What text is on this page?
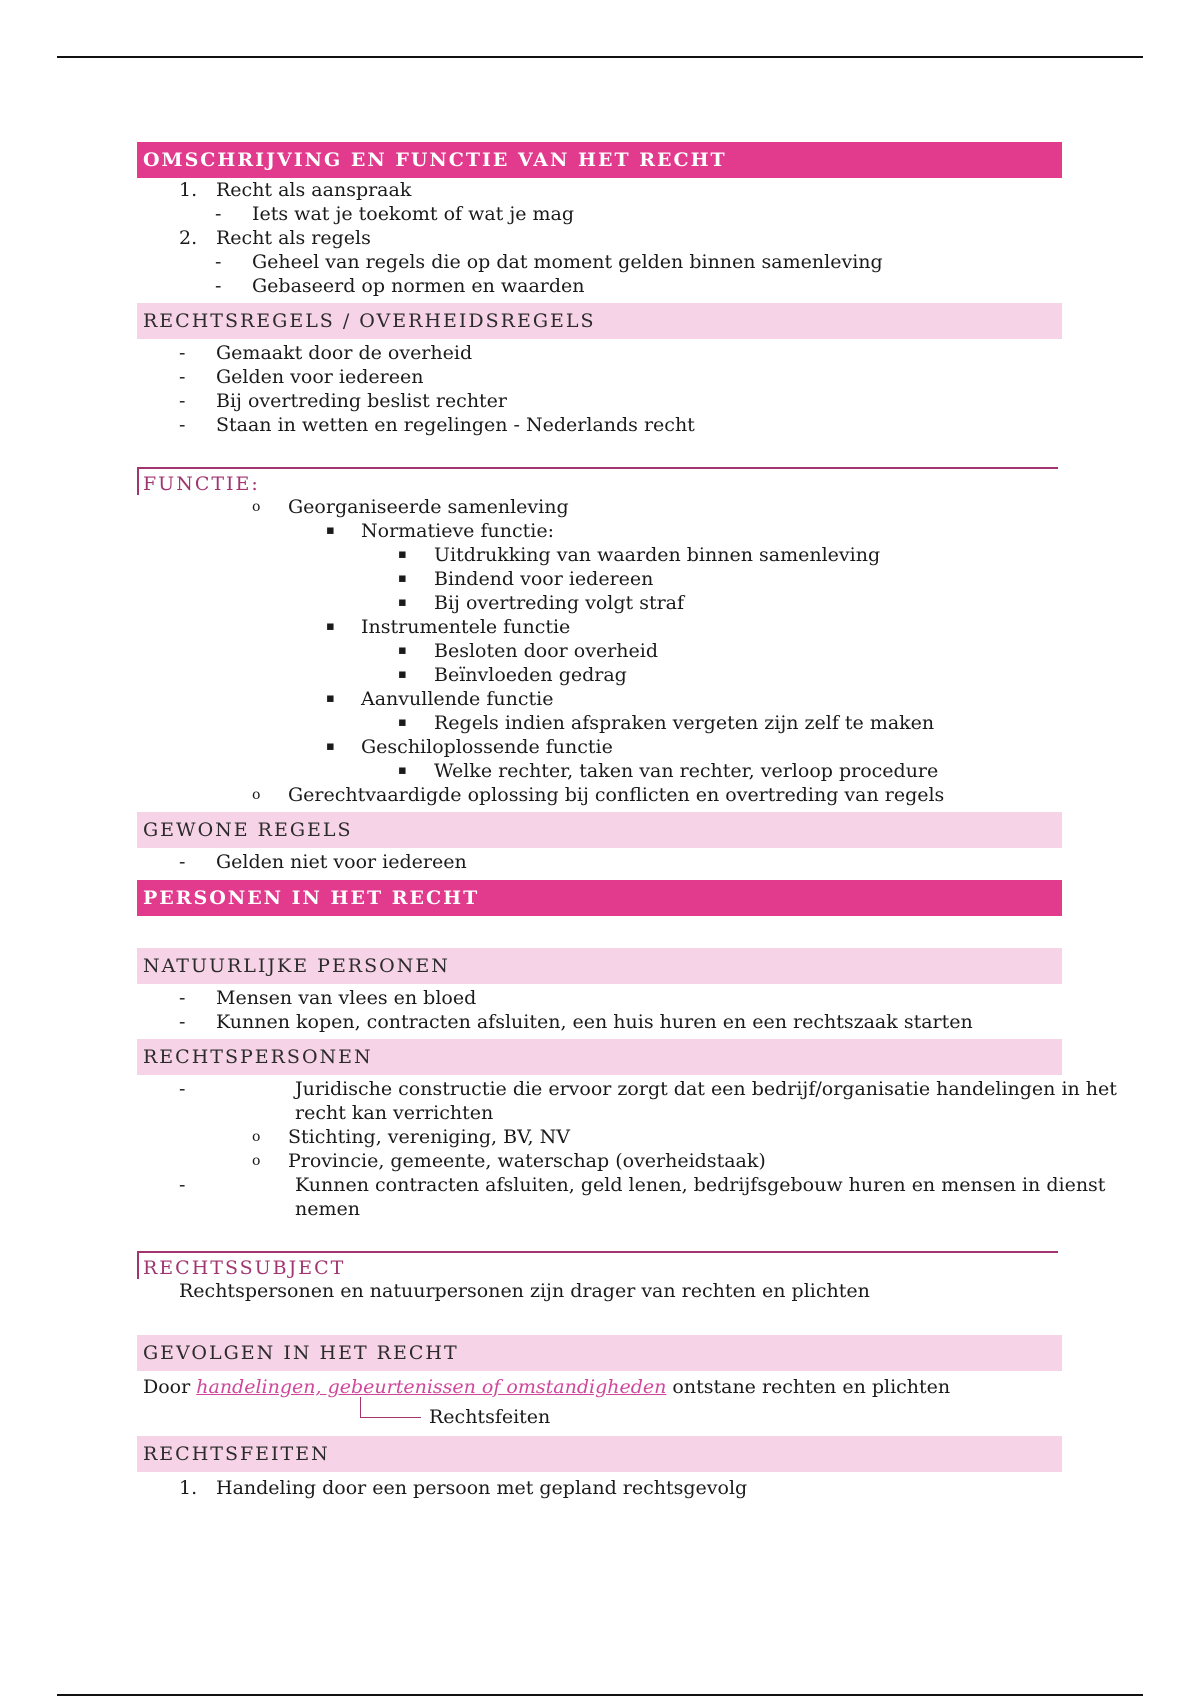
OMSCHRIJVING EN FUNCTIE VAN HET RECHT
1. Recht als aanspraak
- Iets wat je toekomt of wat je mag
2. Recht als regels
- Geheel van regels die op dat moment gelden binnen samenleving
- Gebaseerd op normen en waarden
RECHTSREGELS / OVERHEIDSREGELS
- Gemaakt door de overheid
- Gelden voor iedereen
- Bij overtreding beslist rechter
- Staan in wetten en regelingen - Nederlands recht
FUNCTIE:
o Georganiseerde samenleving
▪ Normatieve functie:
▪ Uitdrukking van waarden binnen samenleving
▪ Bindend voor iedereen
▪ Bij overtreding volgt straf
▪ Instrumentele functie
▪ Besloten door overheid
▪ Beïnvloeden gedrag
▪ Aanvullende functie
▪ Regels indien afspraken vergeten zijn zelf te maken
▪ Geschiloplossende functie
▪ Welke rechter, taken van rechter, verloop procedure
o Gerechtvaardigde oplossing bij conflicten en overtreding van regels
GEWONE REGELS
- Gelden niet voor iedereen
PERSONEN IN HET RECHT
NATUURLIJKE PERSONEN
- Mensen van vlees en bloed
- Kunnen kopen, contracten afsluiten, een huis huren en een rechtszaak starten
RECHTSPERSONEN
-	Juridische constructie die ervoor zorgt dat een bedrijf/organisatie handelingen in het recht kan verrichten
o Stichting, vereniging, BV, NV
o Provincie, gemeente, waterschap (overheidstaak)
-	Kunnen contracten afsluiten, geld lenen, bedrijfsgebouw huren en mensen in dienst nemen
RECHTSSUBJECT
Rechtspersonen en natuurpersonen zijn drager van rechten en plichten
GEVOLGEN IN HET RECHT
Door handelingen, gebeurtenissen of omstandigheden ontstane rechten en plichten
Rechtsfeiten
RECHTSFEITEN
1. Handeling door een persoon met gepland rechtsgevolg
